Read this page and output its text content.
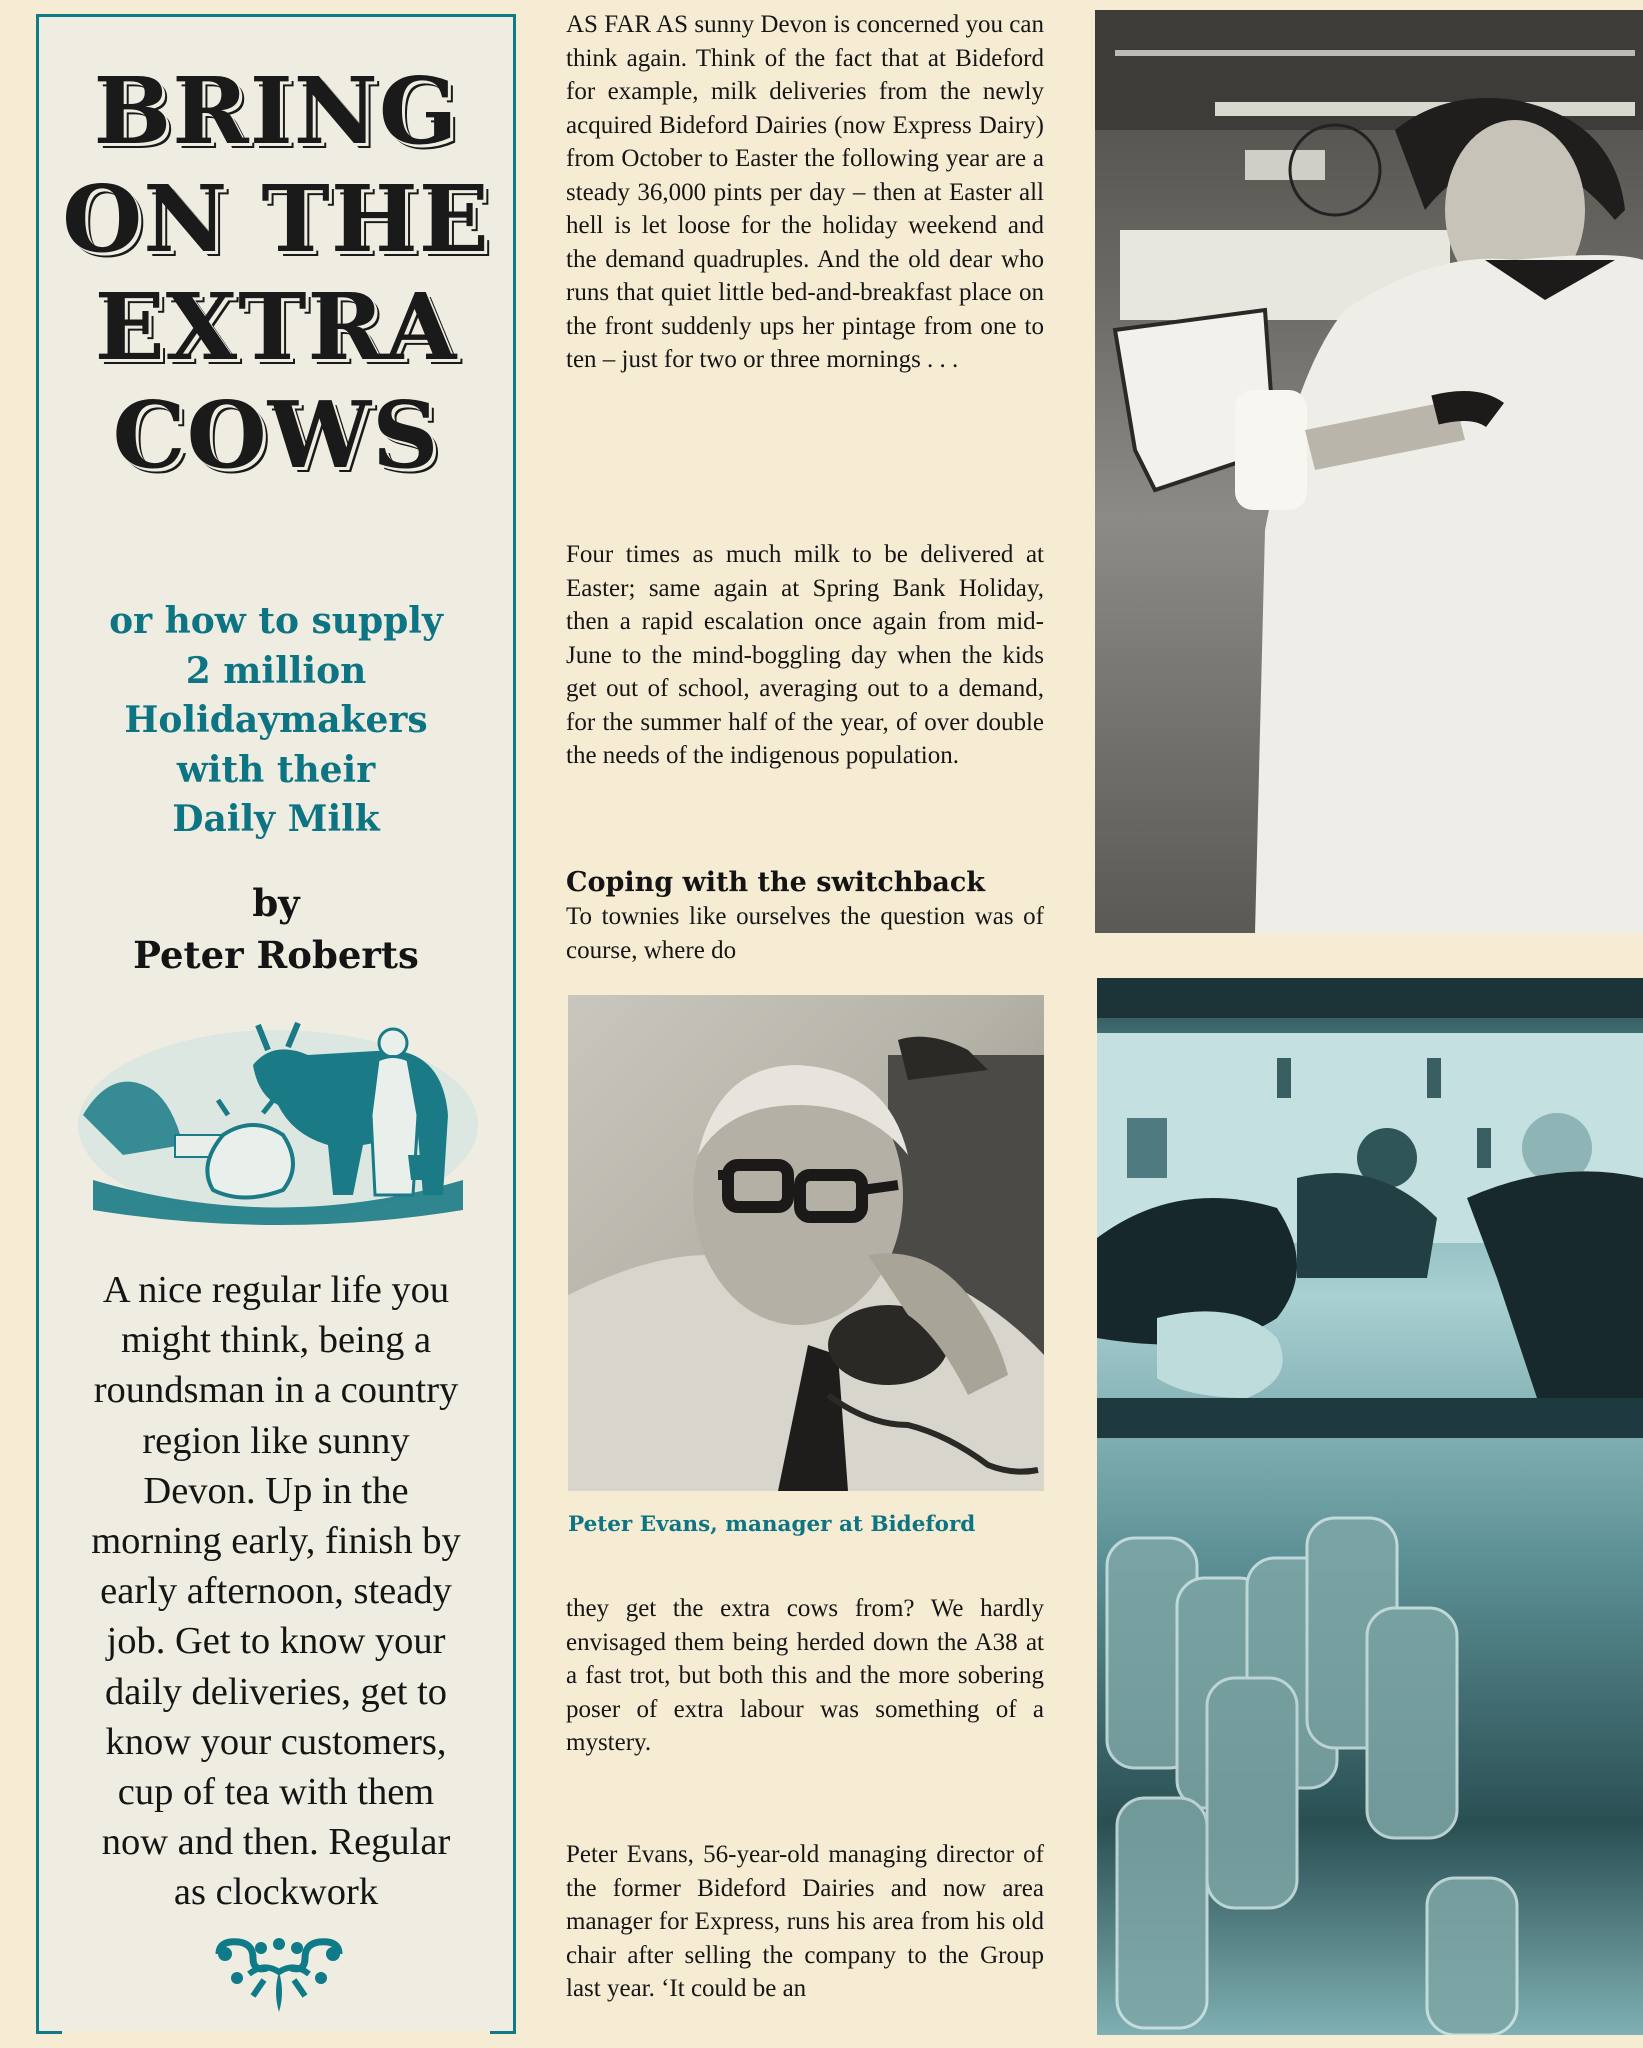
BRING
ON THE
EXTRA
COWS
or how to supply
2 million
Holidaymakers
with their
Daily Milk
by
Peter Roberts
A nice regular life you
might think, being a
roundsman in a country
region like sunny
Devon. Up in the
morning early, finish by
early afternoon, steady
job. Get to know your
daily deliveries, get to
know your customers,
cup of tea with them
now and then. Regular
as clockwork

AS FAR AS sunny Devon is concerned you can think again. Think of the fact that at Bideford for example, milk deliveries from the newly acquired Bideford Dairies (now Express Dairy) from October to Easter the following year are a steady 36,000 pints per day – then at Easter all hell is let loose for the holiday weekend and the demand quadruples. And the old dear who runs that quiet little bed-and-breakfast place on the front suddenly ups her pintage from one to ten – just for two or three mornings . . .

Four times as much milk to be delivered at Easter; same again at Spring Bank Holiday, then a rapid escalation once again from mid-June to the mind-boggling day when the kids get out of school, averaging out to a demand, for the summer half of the year, of over double the needs of the indigenous population.

Coping with the switchback

To townies like ourselves the question was of course, where do

Peter Evans, manager at Bideford

they get the extra cows from? We hardly envisaged them being herded down the A38 at a fast trot, but both this and the more sobering poser of extra labour was something of a mystery.

Peter Evans, 56-year-old managing director of the former Bideford Dairies and now area manager for Express, runs his area from his old chair after selling the company to the Group last year. ‘It could be an
